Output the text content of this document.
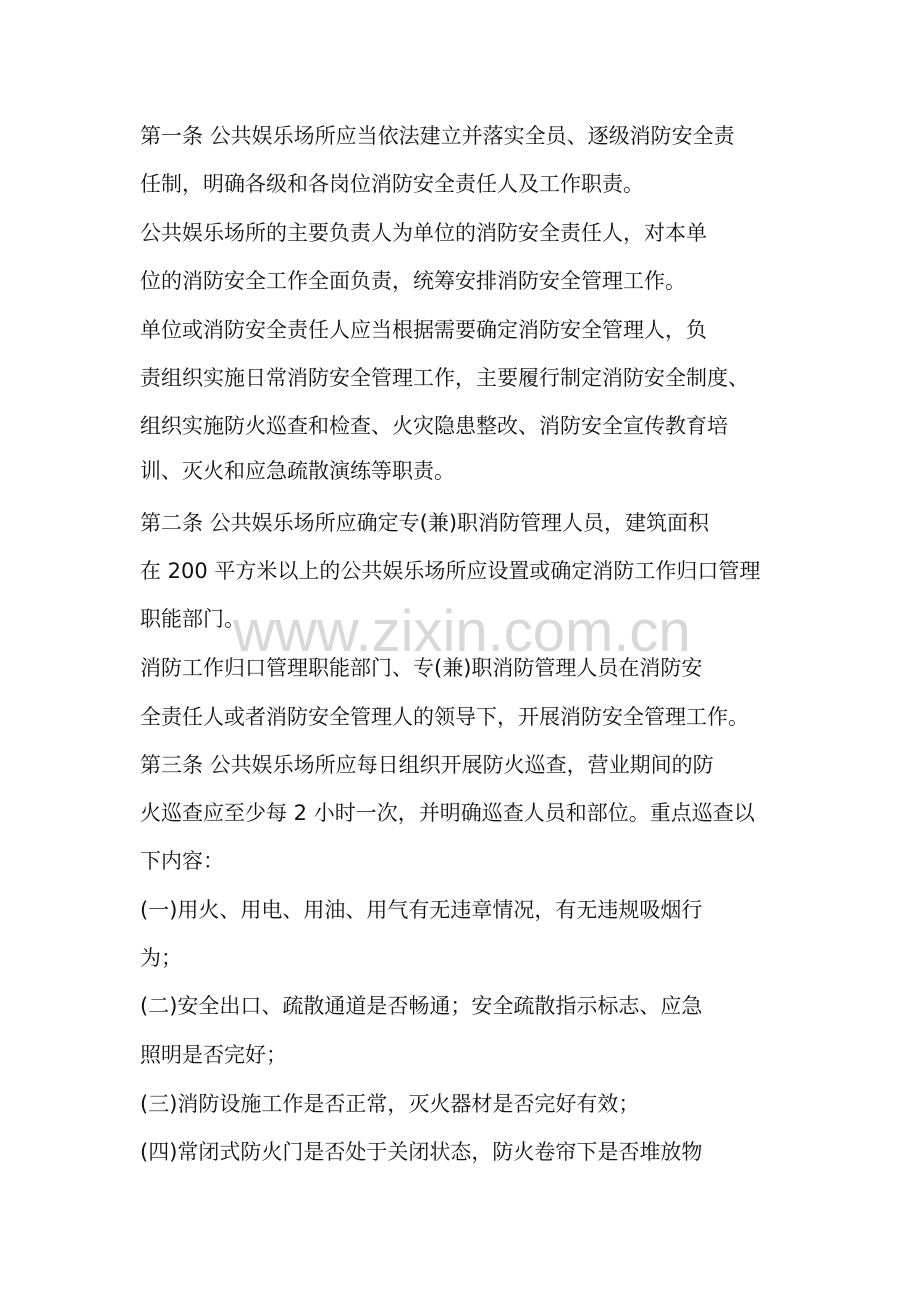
第一条 公共娱乐场所应当依法建立并落实全员、逐级消防安全责
任制，明确各级和各岗位消防安全责任人及工作职责。
公共娱乐场所的主要负责人为单位的消防安全责任人，对本单
位的消防安全工作全面负责，统筹安排消防安全管理工作。
单位或消防安全责任人应当根据需要确定消防安全管理人，负
责组织实施日常消防安全管理工作，主要履行制定消防安全制度、
组织实施防火巡查和检查、火灾隐患整改、消防安全宣传教育培
训、灭火和应急疏散演练等职责。
第二条 公共娱乐场所应确定专(兼)职消防管理人员，建筑面积
在 200 平方米以上的公共娱乐场所应设置或确定消防工作归口管理
职能部门。
消防工作归口管理职能部门、专(兼)职消防管理人员在消防安
全责任人或者消防安全管理人的领导下，开展消防安全管理工作。
第三条 公共娱乐场所应每日组织开展防火巡查，营业期间的防
火巡查应至少每 2 小时一次，并明确巡查人员和部位。重点巡查以
下内容：
(一)用火、用电、用油、用气有无违章情况，有无违规吸烟行
为；
(二)安全出口、疏散通道是否畅通；安全疏散指示标志、应急
照明是否完好；
(三)消防设施工作是否正常，灭火器材是否完好有效；
(四)常闭式防火门是否处于关闭状态，防火卷帘下是否堆放物
www.zixin.com.cn
